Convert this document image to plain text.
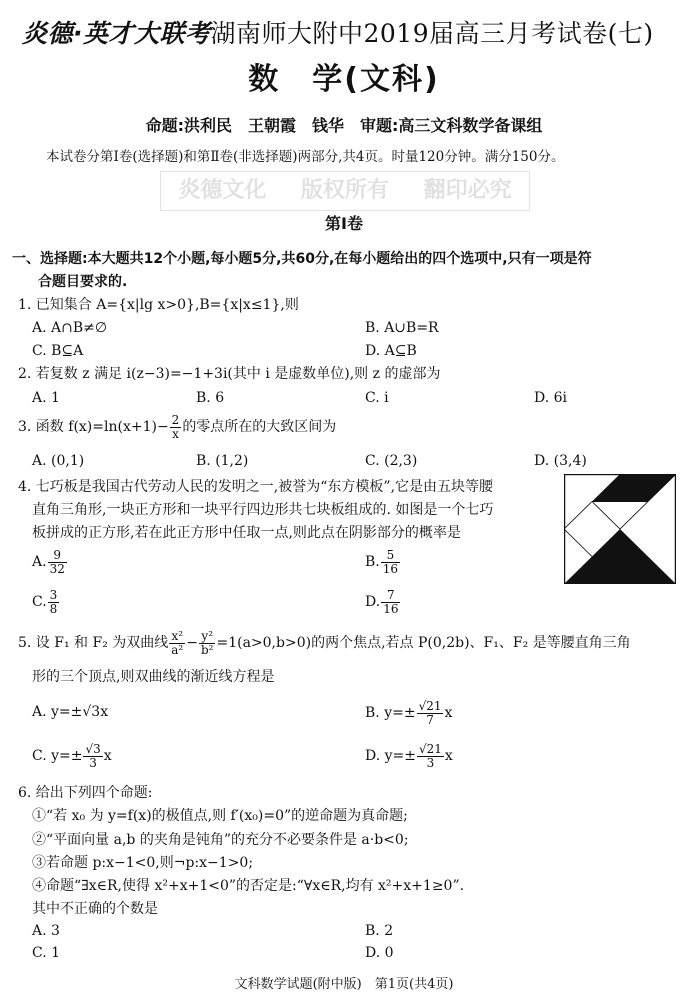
炎德·英才大联考湖南师大附中2019届高三月考试卷(七)
数　学(文科)
命题:洪利民　王朝霞　钱华　审题:高三文科数学备课组
本试卷分第Ⅰ卷(选择题)和第Ⅱ卷(非选择题)两部分,共4页。时量120分钟。满分150分。
炎德文化 版权所有 翻印必究
第Ⅰ卷
一、选择题:本大题共12个小题,每小题5分,共60分,在每小题给出的四个选项中,只有一项是符
合题目要求的.
1. 已知集合 A={x|lg x>0},B={x|x≤1},则
A. A∩B≠∅	B. A∪B=R
C. B⊆A	D. A⊆B
2. 若复数 z 满足 i(z−3)=−1+3i(其中 i 是虚数单位),则 z 的虚部为
A. 1	B. 6	C. i	D. 6i
3. 函数 $f(x)=\ln(x+1)- \frac{2}{x}$ 的零点所在的大致区间为
A. (0,1)	B. (1,2)	C. (2,3)	D. (3,4)
4. 七巧板是我国古代劳动人民的发明之一,被誉为“东方模板”,它是由五块等腰
直角三角形,一块正方形和一块平行四边形共七块板组成的. 如图是一个七巧
板拼成的正方形,若在此正方形中任取一点,则此点在阴影部分的概率是
A. $\frac{9}{32}$	B. $\frac{5}{16}$
C. $\frac{3}{8}$	D. $\frac{7}{16}$
5. 设 F₁ 和 F₂ 为双曲线 $\frac{\text{x²}}{\text{a²}} - \frac{\text{y²}}{\text{b²}} =1(a>0,b>0)$的两个焦点,若点 P(0,2b)、F₁、F₂ 是等腰直角三角
形的三个顶点,则双曲线的渐近线方程是
A. y=±√3x	B. $y=\pm \frac{√21}{7}$ x
C. $y=\pm \frac{√3}{3}$ x	D. $y=\pm \frac{√21}{3}$ x
6. 给出下列四个命题:
①“若 x₀ 为 y=f(x)的极值点,则 f′(x₀)=0”的逆命题为真命题;
②“平面向量 a,b 的夹角是钝角”的充分不必要条件是 a·b<0;
③若命题 p:x−1<0,则¬p:x−1>0;
④命题“∃x∈R,使得 x²+x+1<0”的否定是:“∀x∈R,均有 x²+x+1≥0”.
其中不正确的个数是
A. 3	B. 2
C. 1	D. 0
文科数学试题(附中版)　第1页(共4页)
